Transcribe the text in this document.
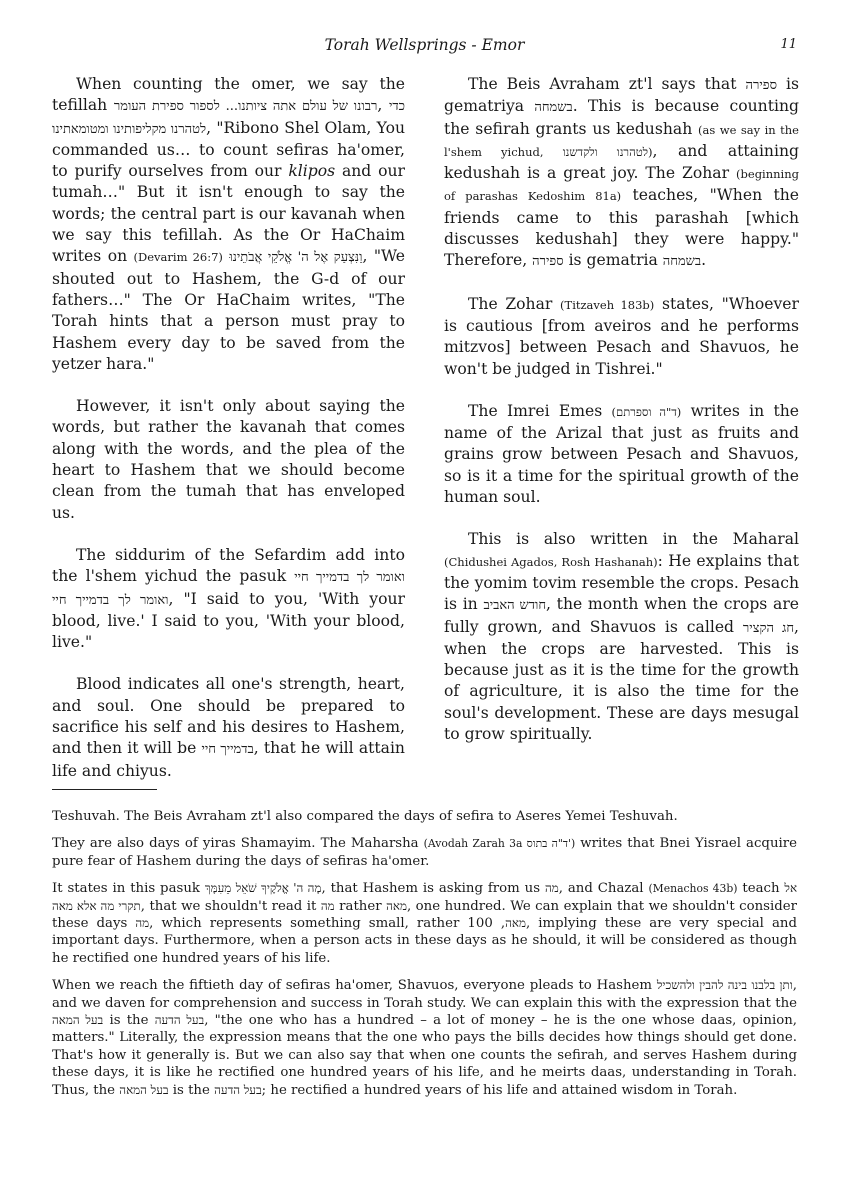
Torah Wellsprings - Emor	11

When counting the omer, we say the tefillah רבונו של עולם אתה ציותנו... לספור ספירת העומר, כדי לטהרנו מקליפותינו ומטומאתינו, "Ribono Shel Olam, You commanded us… to count sefiras ha'omer, to purify ourselves from our klipos and our tumah…" But it isn't enough to say the words; the central part is our kavanah when we say this tefillah. As the Or HaChaim writes on (Devarim 26:7) וַנִּצְעַק אֶל ה' אֱלֹקֵי אֲבֹתֵינוּ, "We shouted out to Hashem, the G-d of our fathers…" The Or HaChaim writes, "The Torah hints that a person must pray to Hashem every day to be saved from the yetzer hara."

However, it isn't only about saying the words, but rather the kavanah that comes along with the words, and the plea of the heart to Hashem that we should become clean from the tumah that has enveloped us.

The siddurim of the Sefardim add into the l'shem yichud the pasuk ואומר לך בדמייך חיי ואומר לך בדמייך חיי, "I said to you, 'With your blood, live.' I said to you, 'With your blood, live."

Blood indicates all one's strength, heart, and soul. One should be prepared to sacrifice his self and his desires to Hashem, and then it will be בדמייך חיי, that he will attain life and chiyus.

The Beis Avraham zt'l says that ספירה is gematriya בשמחה. This is because counting the sefirah grants us kedushah (as we say in the l'shem yichud, לטהרנו ולקדשנו), and attaining kedushah is a great joy. The Zohar (beginning of parashas Kedoshim 81a) teaches, "When the friends came to this parashah [which discusses kedushah] they were happy." Therefore, ספירה is gematria בשמחה.

The Zohar (Titzaveh 183b) states, "Whoever is cautious [from aveiros and he performs mitzvos] between Pesach and Shavuos, he won't be judged in Tishrei."

The Imrei Emes (ד"ה וספרתם) writes in the name of the Arizal that just as fruits and grains grow between Pesach and Shavuos, so is it a time for the spiritual growth of the human soul.

This is also written in the Maharal (Chidushei Agados, Rosh Hashanah): He explains that the yomim tovim resemble the crops. Pesach is in חודש האביב, the month when the crops are fully grown, and Shavuos is called חג הקציר, when the crops are harvested. This is because just as it is the time for the growth of agriculture, it is also the time for the soul's development. These are days mesugal to grow spiritually.

Teshuvah. The Beis Avraham zt'l also compared the days of sefira to Aseres Yemei Teshuvah.

They are also days of yiras Shamayim. The Maharsha (Avodah Zarah 3a ד"ה בתוס') writes that Bnei Yisrael acquire pure fear of Hashem during the days of sefiras ha'omer.

It states in this pasuk מָה ה' אֱלֹקֶיךָ שֹׁאֵל מֵעִמָּךְ, that Hashem is asking from us מה, and Chazal (Menachos 43b) teach אל תקרי מה אלא מאה, that we shouldn't read it מה rather מאה, one hundred. We can explain that we shouldn't consider these days מה, which represents something small, rather 100 ,מאה, implying these are very special and important days. Furthermore, when a person acts in these days as he should, it will be considered as though he rectified one hundred years of his life.

When we reach the fiftieth day of sefiras ha'omer, Shavuos, everyone pleads to Hashem ותן בלבנו בינה להבין ולהשכיל, and we daven for comprehension and success in Torah study. We can explain this with the expression that the בעל המאה is the בעל הדעה, "the one who has a hundred – a lot of money – he is the one whose daas, opinion, matters." Literally, the expression means that the one who pays the bills decides how things should get done. That's how it generally is. But we can also say that when one counts the sefirah, and serves Hashem during these days, it is like he rectified one hundred years of his life, and he meirts daas, understanding in Torah. Thus, the בעל המאה is the בעל הדעה; he rectified a hundred years of his life and attained wisdom in Torah.
